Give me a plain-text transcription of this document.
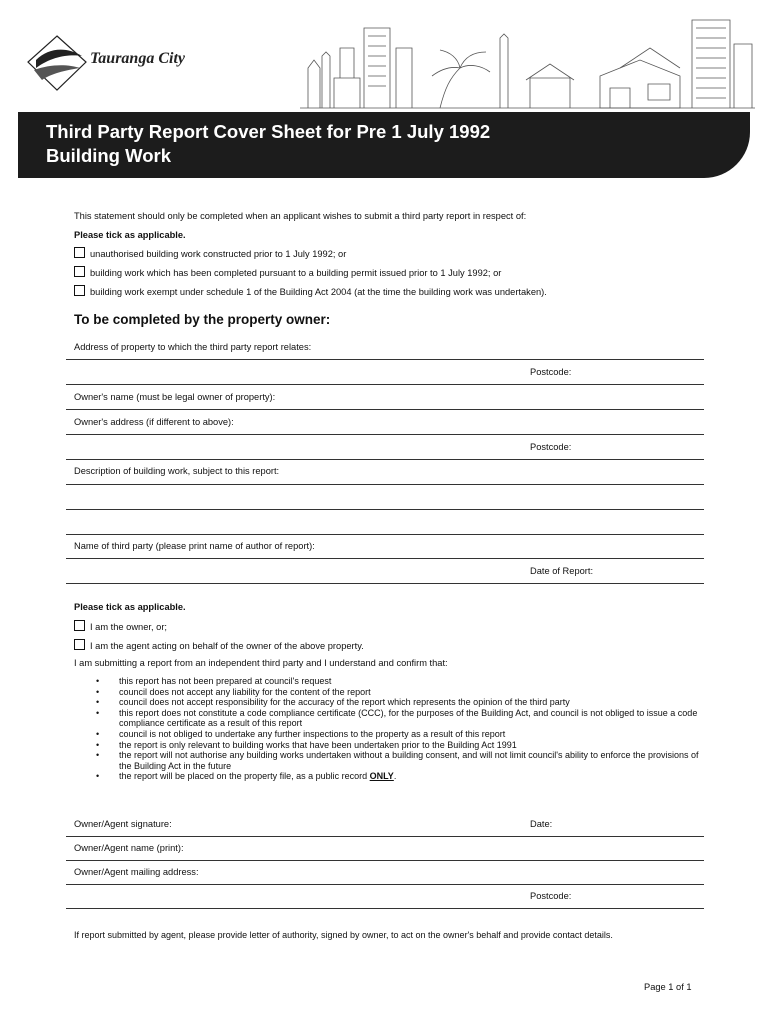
Tauranga City
Third Party Report Cover Sheet for Pre 1 July 1992
Building Work
This statement should only be completed when an applicant wishes to submit a third party report in respect of:
Please tick as applicable.
unauthorised building work constructed prior to 1 July 1992; or
building work which has been completed pursuant to a building permit issued prior to 1 July 1992; or
building work exempt under schedule 1 of the Building Act 2004 (at the time the building work was undertaken).
To be completed by the property owner:
Address of property to which the third party report relates:
Postcode:
Owner's name (must be legal owner of property):
Owner's address (if different to above):
Postcode:
Description of building work, subject to this report:
Name of third party (please print name of author of report):
Date of Report:
Please tick as applicable.
I am the owner, or;
I am the agent acting on behalf of the owner of the above property.
I am submitting a report from an independent third party and I understand and confirm that:
• this report has not been prepared at council's request
• council does not accept any liability for the content of the report
• council does not accept responsibility for the accuracy of the report which represents the opinion of the third party
• this report does not constitute a code compliance certificate (CCC), for the purposes of the Building Act, and council is not obliged to issue a code compliance certificate as a result of this report
• council is not obliged to undertake any further inspections to the property as a result of this report
• the report is only relevant to building works that have been undertaken prior to the Building Act 1991
• the report will not authorise any building works undertaken without a building consent, and will not limit council's ability to enforce the provisions of the Building Act in the future
• the report will be placed on the property file, as a public record ONLY.
Owner/Agent signature:	Date:
Owner/Agent name (print):
Owner/Agent mailing address:
Postcode:
If report submitted by agent, please provide letter of authority, signed by owner, to act on the owner's behalf and provide contact details.
Page 1 of 1
